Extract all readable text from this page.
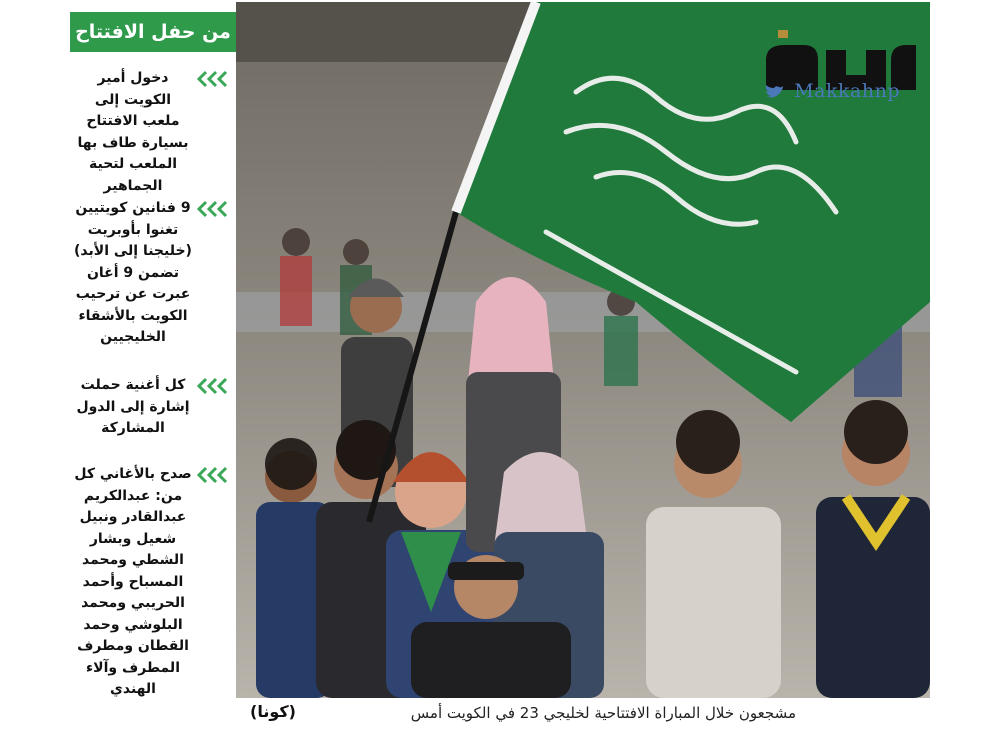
من حفل الافتتاح
دخول أمير الكويت إلى ملعب الافتتاح بسيارة طاف بها الملعب لتحية الجماهير
9 فنانين كويتيين تغنوا بأوبريت (خليجنا إلى الأبد) تضمن 9 أغان عبرت عن ترحيب الكويت بالأشقاء الخليجيين
كل أغنية حملت إشارة إلى الدول المشاركة
صدح بالأغاني كل من: عبدالكريم عبدالقادر ونبيل شعيل وبشار الشطي ومحمد المسباح وأحمد الحريبي ومحمد البلوشي وحمد القطان ومطرف المطرف وآلاء الهندي
Makkahnp
(كونا)	مشجعون خلال المباراة الافتتاحية لخليجي 23 في الكويت أمس
